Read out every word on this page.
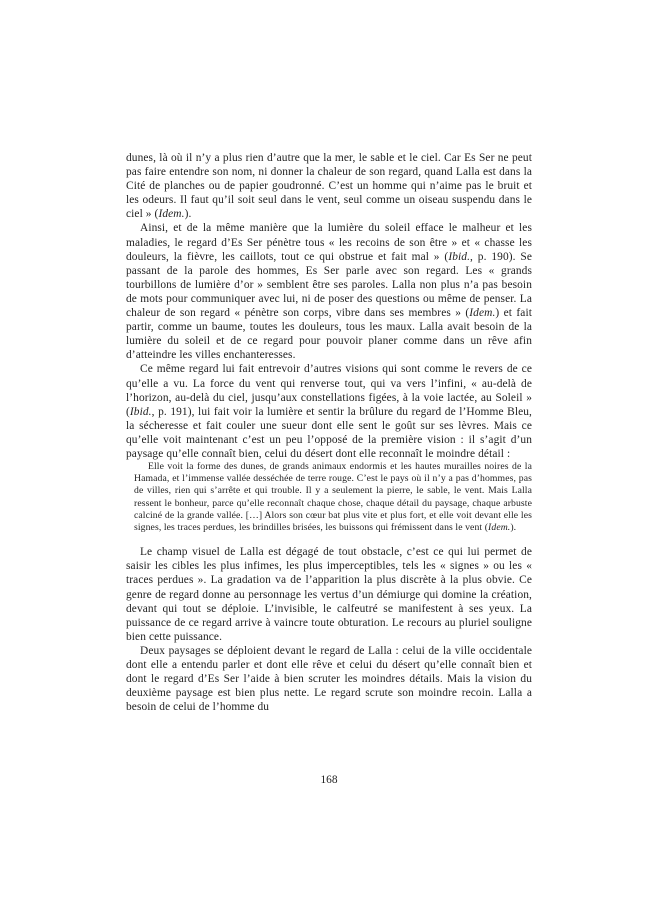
dunes, là où il n’y a plus rien d’autre que la mer, le sable et le ciel. Car Es Ser ne peut pas faire entendre son nom, ni donner la chaleur de son regard, quand Lalla est dans la Cité de planches ou de papier goudronné. C’est un homme qui n’aime pas le bruit et les odeurs. Il faut qu’il soit seul dans le vent, seul comme un oiseau suspendu dans le ciel » (Idem.).

Ainsi, et de la même manière que la lumière du soleil efface le malheur et les maladies, le regard d’Es Ser pénètre tous « les recoins de son être » et « chasse les douleurs, la fièvre, les caillots, tout ce qui obstrue et fait mal » (Ibid., p. 190). Se passant de la parole des hommes, Es Ser parle avec son regard. Les « grands tourbillons de lumière d’or » semblent être ses paroles. Lalla non plus n’a pas besoin de mots pour communiquer avec lui, ni de poser des questions ou même de penser. La chaleur de son regard « pénètre son corps, vibre dans ses membres » (Idem.) et fait partir, comme un baume, toutes les douleurs, tous les maux. Lalla avait besoin de la lumière du soleil et de ce regard pour pouvoir planer comme dans un rêve afin d’atteindre les villes enchanteresses.

Ce même regard lui fait entrevoir d’autres visions qui sont comme le revers de ce qu’elle a vu. La force du vent qui renverse tout, qui va vers l’infini, « au-delà de l’horizon, au-delà du ciel, jusqu’aux constellations figées, à la voie lactée, au Soleil » (Ibid., p. 191), lui fait voir la lumière et sentir la brûlure du regard de l’Homme Bleu, la sécheresse et fait couler une sueur dont elle sent le goût sur ses lèvres. Mais ce qu’elle voit maintenant c’est un peu l’opposé de la première vision : il s’agit d’un paysage qu’elle connaît bien, celui du désert dont elle reconnaît le moindre détail :

Elle voit la forme des dunes, de grands animaux endormis et les hautes murailles noires de la Hamada, et l’immense vallée desséchée de terre rouge. C’est le pays où il n’y a pas d’hommes, pas de villes, rien qui s’arrête et qui trouble. Il y a seulement la pierre, le sable, le vent. Mais Lalla ressent le bonheur, parce qu’elle reconnaît chaque chose, chaque détail du paysage, chaque arbuste calciné de la grande vallée. […] Alors son cœur bat plus vite et plus fort, et elle voit devant elle les signes, les traces perdues, les brindilles brisées, les buissons qui frémissent dans le vent (Idem.).

Le champ visuel de Lalla est dégagé de tout obstacle, c’est ce qui lui permet de saisir les cibles les plus infimes, les plus imperceptibles, tels les « signes » ou les « traces perdues ». La gradation va de l’apparition la plus discrète à la plus obvie. Ce genre de regard donne au personnage les vertus d’un démiurge qui domine la création, devant qui tout se déploie. L’invisible, le calfeutré se manifestent à ses yeux. La puissance de ce regard arrive à vaincre toute obturation. Le recours au pluriel souligne bien cette puissance.

Deux paysages se déploient devant le regard de Lalla : celui de la ville occidentale dont elle a entendu parler et dont elle rêve et celui du désert qu’elle connaît bien et dont le regard d’Es Ser l’aide à bien scruter les moindres détails. Mais la vision du deuxième paysage est bien plus nette. Le regard scrute son moindre recoin. Lalla a besoin de celui de l’homme du

168
